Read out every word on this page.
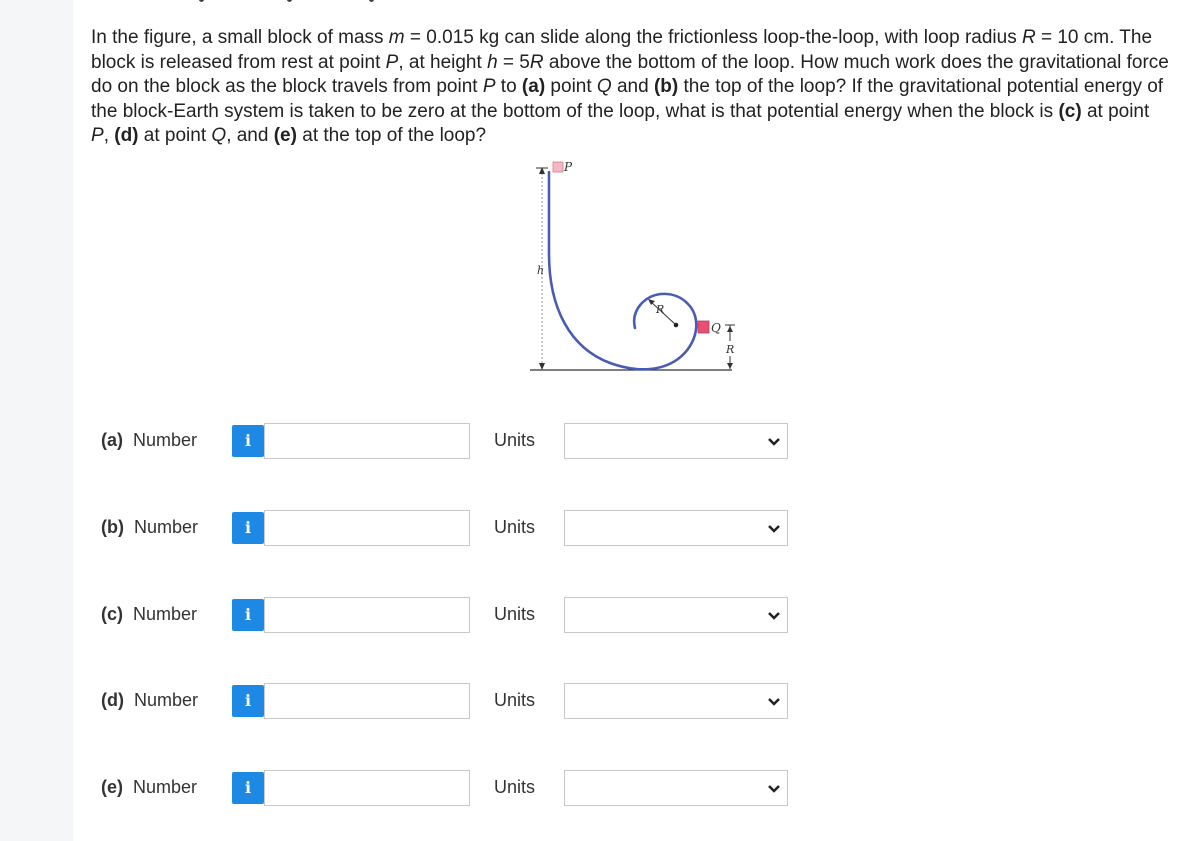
In the figure, a small block of mass m = 0.015 kg can slide along the frictionless loop-the-loop, with loop radius R = 10 cm. The block is released from rest at point P, at height h = 5R above the bottom of the loop. How much work does the gravitational force do on the block as the block travels from point P to (a) point Q and (b) the top of the loop? If the gravitational potential energy of the block-Earth system is taken to be zero at the bottom of the loop, what is that potential energy when the block is (c) at point P, (d) at point Q, and (e) at the top of the loop?
P
h
R
Q
R
(a) Number	i	Units
(b) Number	i	Units
(c) Number	i	Units
(d) Number	i	Units
(e) Number	i	Units
